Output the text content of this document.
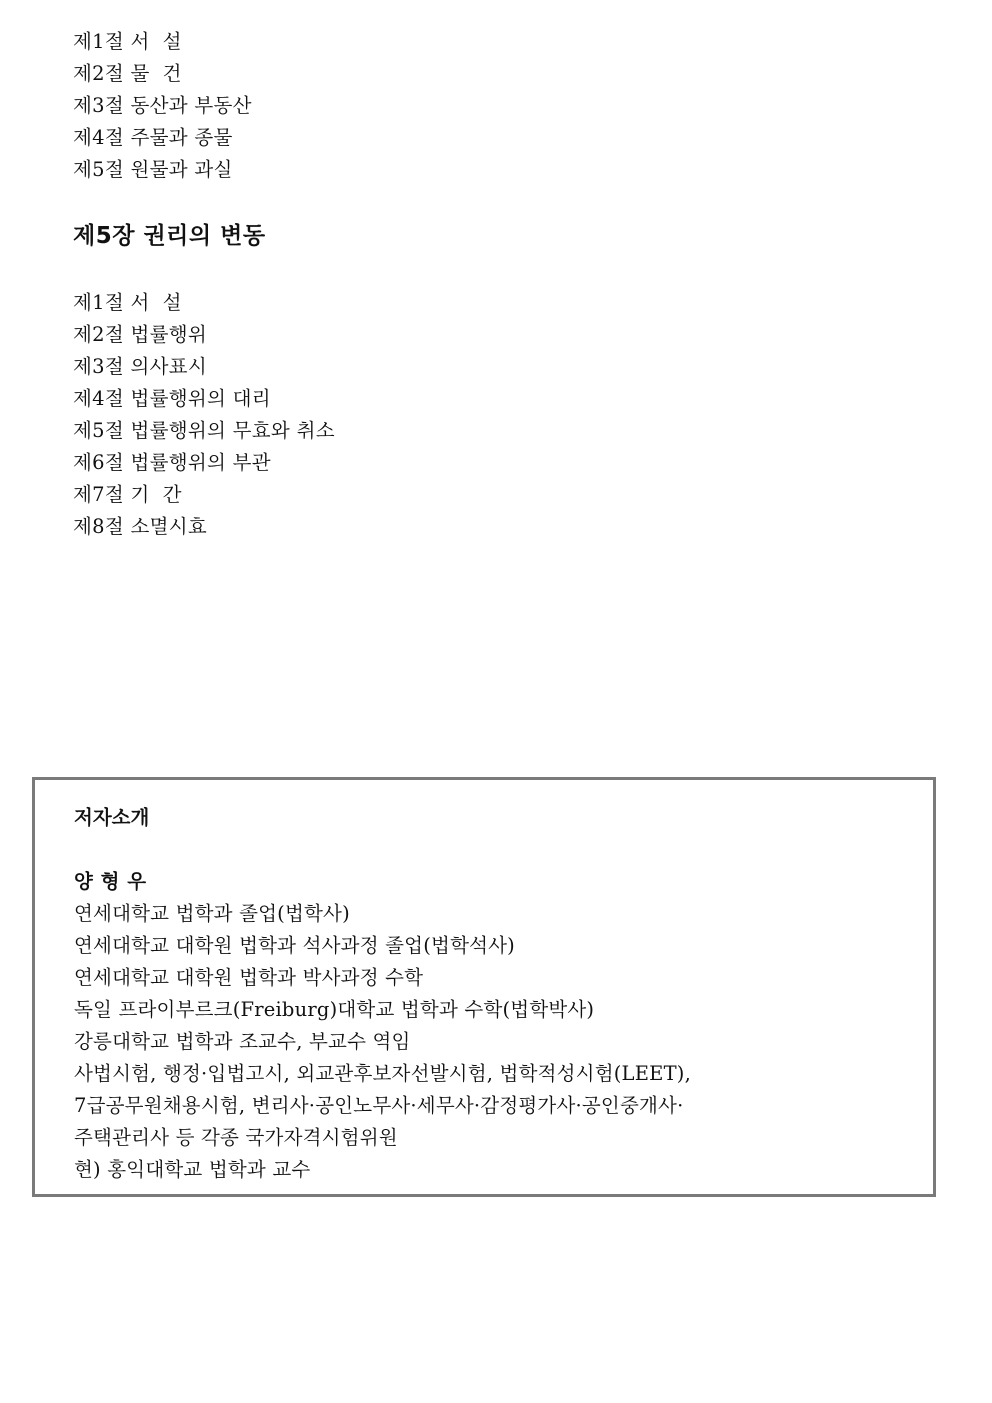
제1절 서  설
제2절 물  건
제3절 동산과 부동산
제4절 주물과 종물
제5절 원물과 과실
제5장 권리의 변동
제1절 서  설
제2절 법률행위
제3절 의사표시
제4절 법률행위의 대리
제5절 법률행위의 무효와 취소
제6절 법률행위의 부관
제7절 기  간
제8절 소멸시효
저자소개
양 형 우
연세대학교 법학과 졸업(법학사)
연세대학교 대학원 법학과 석사과정 졸업(법학석사)
연세대학교 대학원 법학과 박사과정 수학
독일 프라이부르크(Freiburg)대학교 법학과 수학(법학박사)
강릉대학교 법학과 조교수, 부교수 역임
사법시험, 행정·입법고시, 외교관후보자선발시험, 법학적성시험(LEET),
7급공무원채용시험, 변리사·공인노무사·세무사·감정평가사·공인중개사·
주택관리사 등 각종 국가자격시험위원
현) 홍익대학교 법학과 교수
